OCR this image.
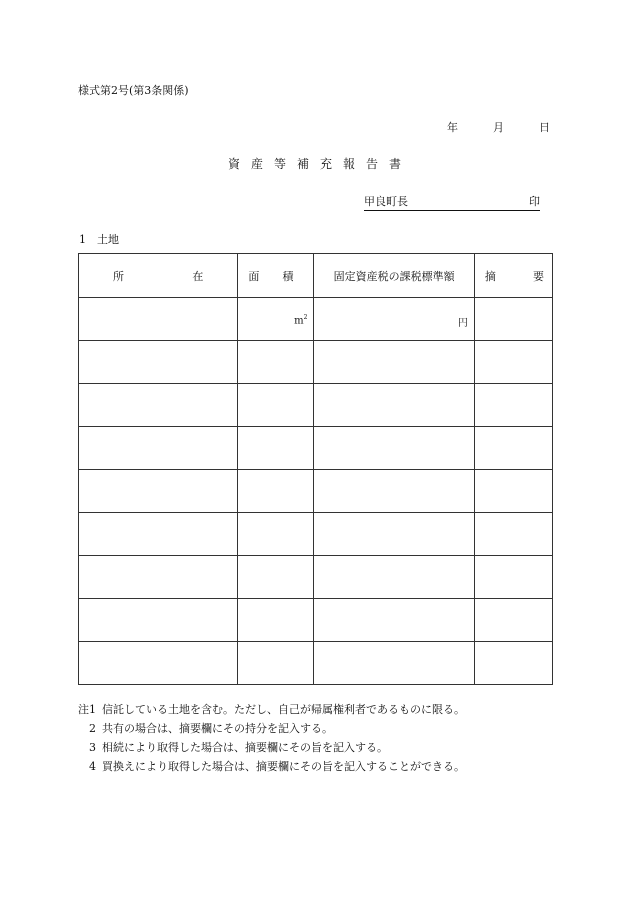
様式第2号(第3条関係)
年	月	日
資産等補充報告書
甲良町長	印
1　土地
所 在	面 積	固定資産税の課税標準額	摘 要

	$m^2$	円	

注1 信託している土地を含む。ただし、自己が帰属権利者であるものに限る。
2 共有の場合は、摘要欄にその持分を記入する。
3 相続により取得した場合は、摘要欄にその旨を記入する。
4 買換えにより取得した場合は、摘要欄にその旨を記入することができる。
